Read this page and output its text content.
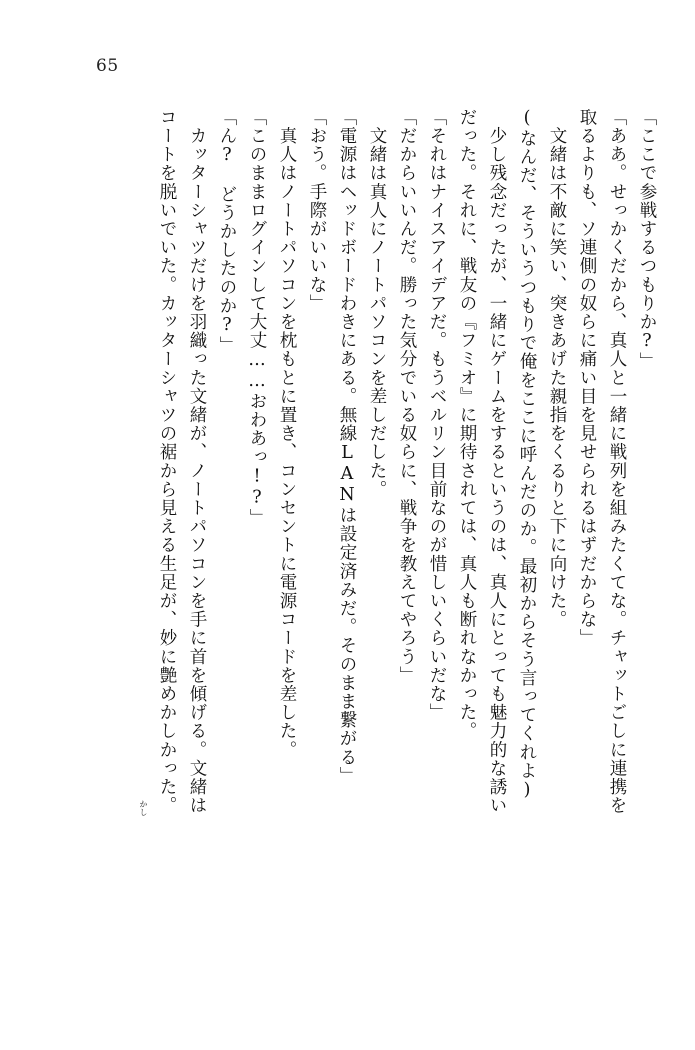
65
「ここで参戦するつもりか?」
「ああ。せっかくだから、真人と一緒に戦列を組みたくてな。チャットごしに連携を
取るよりも、ソ連側の奴らに痛い目を見せられるはずだからな」
　文緒は不敵に笑い、突きあげた親指をくるりと下に向けた。
(なんだ、そういうつもりで俺をここに呼んだのか。最初からそう言ってくれよ)
　少し残念だったが、一緒にゲームをするというのは、真人にとっても魅力的な誘い
だった。それに、戦友の『フミオ』に期待されては、真人も断れなかった。
「それはナイスアイデアだ。もうベルリン目前なのが惜しいくらいだな」
「だからいいんだ。勝った気分でいる奴らに、戦争を教えてやろう」
　文緒は真人にノートパソコンを差しだした。
「電源はヘッドボードわきにある。無線LANは設定済みだ。そのまま繋がる」
「おう。手際がいいな」
　真人はノートパソコンを枕もとに置き、コンセントに電源コードを差した。
「このままログインして大丈……おわあっ!?」
「ん?　どうかしたのか?」
　カッターシャツだけを羽織った文緒が、ノートパソコンを手に首を傾げる。文緒は
コートを脱いでいた。カッターシャツの裾から見える生足が、妙に艶めかしかった。
かし
